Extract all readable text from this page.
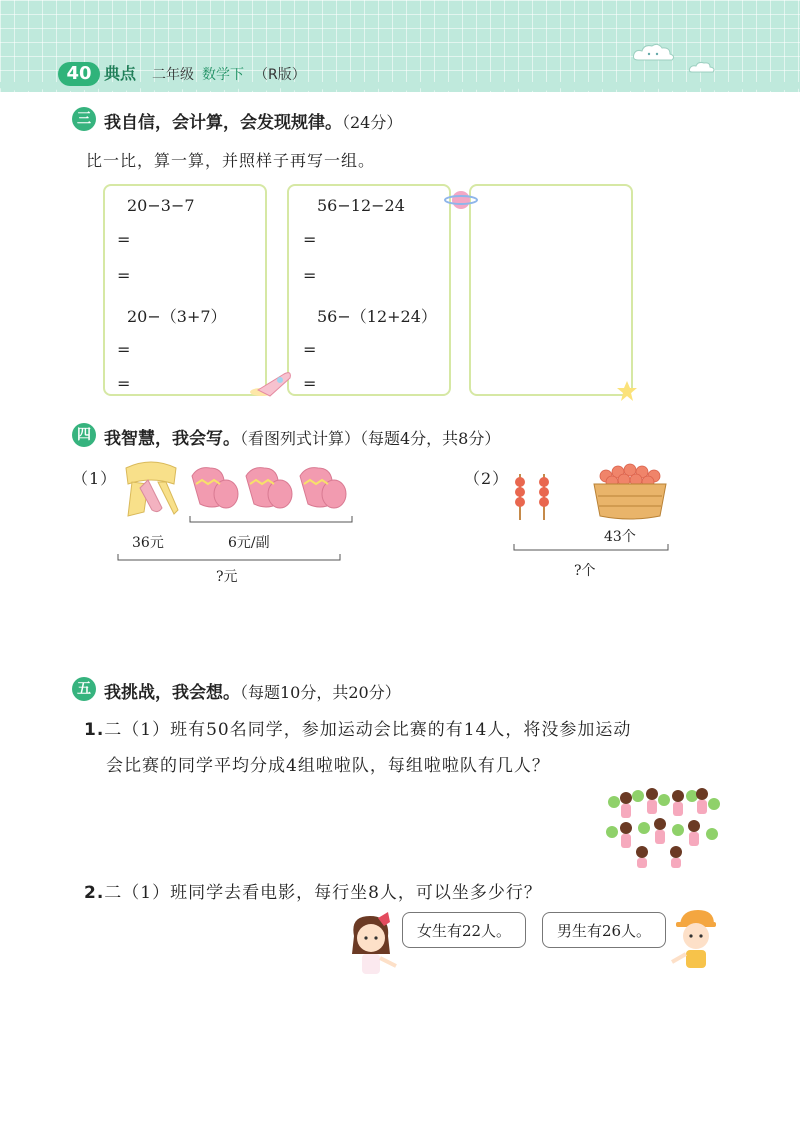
40 典点 二年级 数学下 （R版）
三 我自信，会计算，会发现规律。（24分）
比一比，算一算，并照样子再写一组。
20−3−7
=
=
20−（3+7）
=
=
56−12−24
=
=
56−（12+24）
=
=
四 我智慧，我会写。（看图列式计算）（每题4分，共8分）
（1）
36元	6元/副
?元
（2）
43个
?个
五 我挑战，我会想。（每题10分，共20分）
1.二（1）班有50名同学，参加运动会比赛的有14人，将没参加运动
会比赛的同学平均分成4组啦啦队，每组啦啦队有几人？
2.二（1）班同学去看电影，每行坐8人，可以坐多少行？
女生有22人。	男生有26人。
